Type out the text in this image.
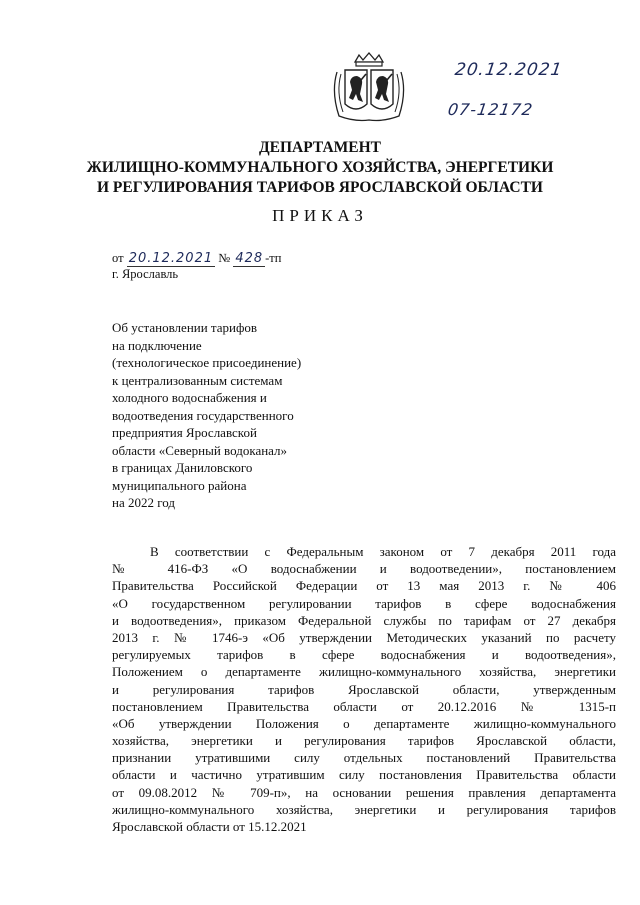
20.12.2021
07-12172
ДЕПАРТАМЕНТ
ЖИЛИЩНО-КОММУНАЛЬНОГО ХОЗЯЙСТВА, ЭНЕРГЕТИКИ
И РЕГУЛИРОВАНИЯ ТАРИФОВ ЯРОСЛАВСКОЙ ОБЛАСТИ
ПРИКАЗ
от 20.12.2021 № 428 -тп
г. Ярославль
Об установлении тарифов
на подключение
(технологическое присоединение)
к централизованным системам
холодного водоснабжения и
водоотведения государственного
предприятия Ярославской
области «Северный водоканал»
в границах Даниловского
муниципального района
на 2022 год
В соответствии с Федеральным законом от 7 декабря 2011 года
№ 416-ФЗ «О водоснабжении и водоотведении», постановлением
Правительства Российской Федерации от 13 мая 2013 г. № 406
«О государственном регулировании тарифов в сфере водоснабжения
и водоотведения», приказом Федеральной службы по тарифам от 27 декабря
2013 г. № 1746-э «Об утверждении Методических указаний по расчету
регулируемых тарифов в сфере водоснабжения и водоотведения»,
Положением о департаменте жилищно-коммунального хозяйства, энергетики
и регулирования тарифов Ярославской области, утвержденным
постановлением Правительства области от 20.12.2016 № 1315-п
«Об утверждении Положения о департаменте жилищно-коммунального
хозяйства, энергетики и регулирования тарифов Ярославской области,
признании утратившими силу отдельных постановлений Правительства
области и частично утратившим силу постановления Правительства области
от 09.08.2012 № 709-п», на основании решения правления департамента
жилищно-коммунального хозяйства, энергетики и регулирования тарифов
Ярославской области от 15.12.2021
